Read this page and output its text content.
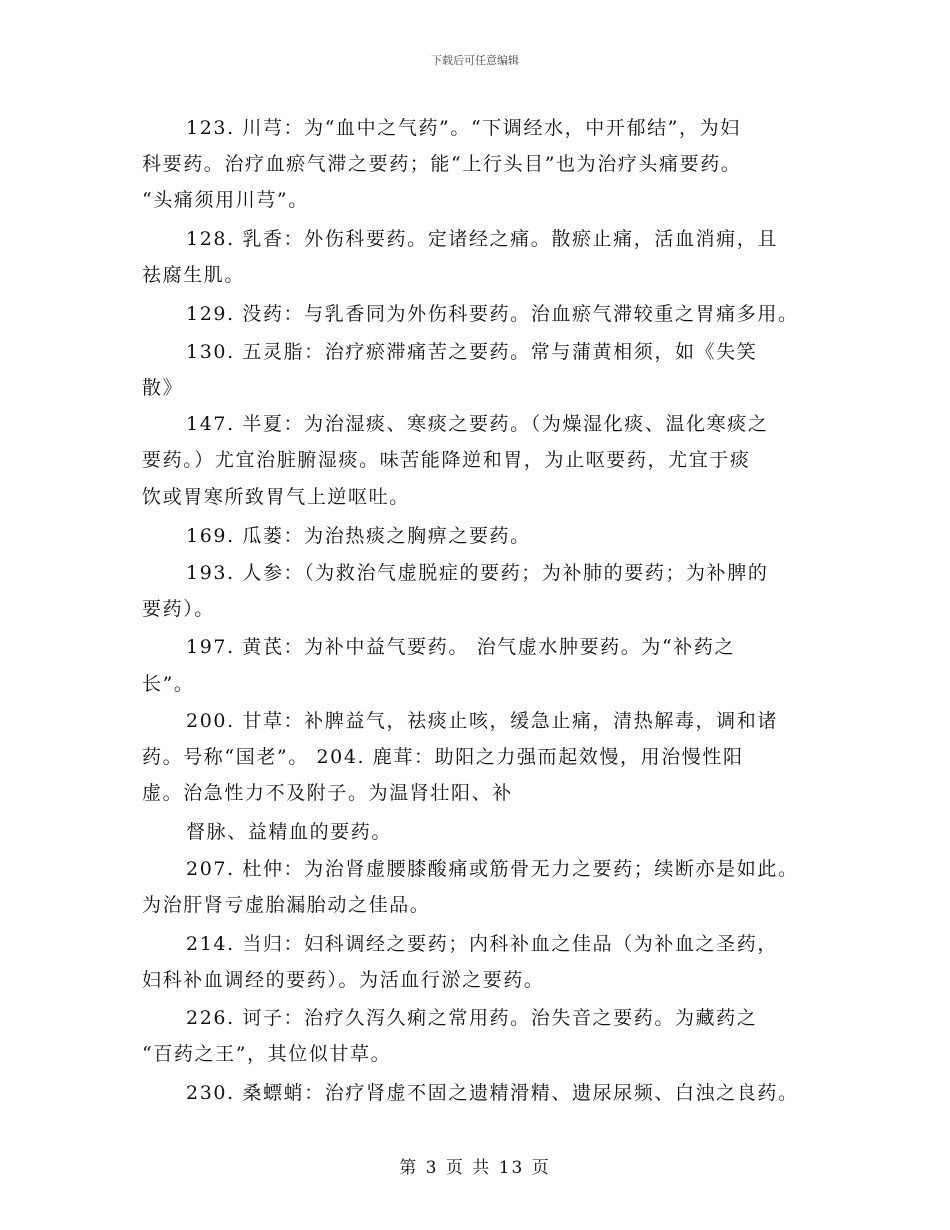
下载后可任意编辑
123. 川芎：为“血中之气药”。“下调经水，中开郁结”，为妇
科要药。治疗血瘀气滞之要药；能“上行头目”也为治疗头痛要药。
“头痛须用川芎”。
128. 乳香：外伤科要药。定诸经之痛。散瘀止痛，活血消痈，且
祛腐生肌。
129. 没药：与乳香同为外伤科要药。治血瘀气滞较重之胃痛多用。
130. 五灵脂：治疗瘀滞痛苦之要药。常与蒲黄相须，如《失笑
散》
147. 半夏：为治湿痰、寒痰之要药。（为燥湿化痰、温化寒痰之
要药。）尤宜治脏腑湿痰。味苦能降逆和胃，为止呕要药，尤宜于痰
饮或胃寒所致胃气上逆呕吐。
169. 瓜蒌：为治热痰之胸痹之要药。
193. 人参：（为救治气虚脱症的要药；为补肺的要药；为补脾的
要药）。
197. 黄芪：为补中益气要药。 治气虚水肿要药。为“补药之
长”。
200. 甘草：补脾益气，祛痰止咳，缓急止痛，清热解毒，调和诸
药。号称“国老”。 204. 鹿茸：助阳之力强而起效慢，用治慢性阳
虚。治急性力不及附子。为温肾壮阳、补
督脉、益精血的要药。
207. 杜仲：为治肾虚腰膝酸痛或筋骨无力之要药；续断亦是如此。
为治肝肾亏虚胎漏胎动之佳品。
214. 当归：妇科调经之要药；内科补血之佳品（为补血之圣药，
妇科补血调经的要药）。为活血行淤之要药。
226. 诃子：治疗久泻久痢之常用药。治失音之要药。为藏药之
“百药之王”，其位似甘草。
230. 桑螵蛸：治疗肾虚不固之遗精滑精、遗尿尿频、白浊之良药。
第 3 页 共 13 页
